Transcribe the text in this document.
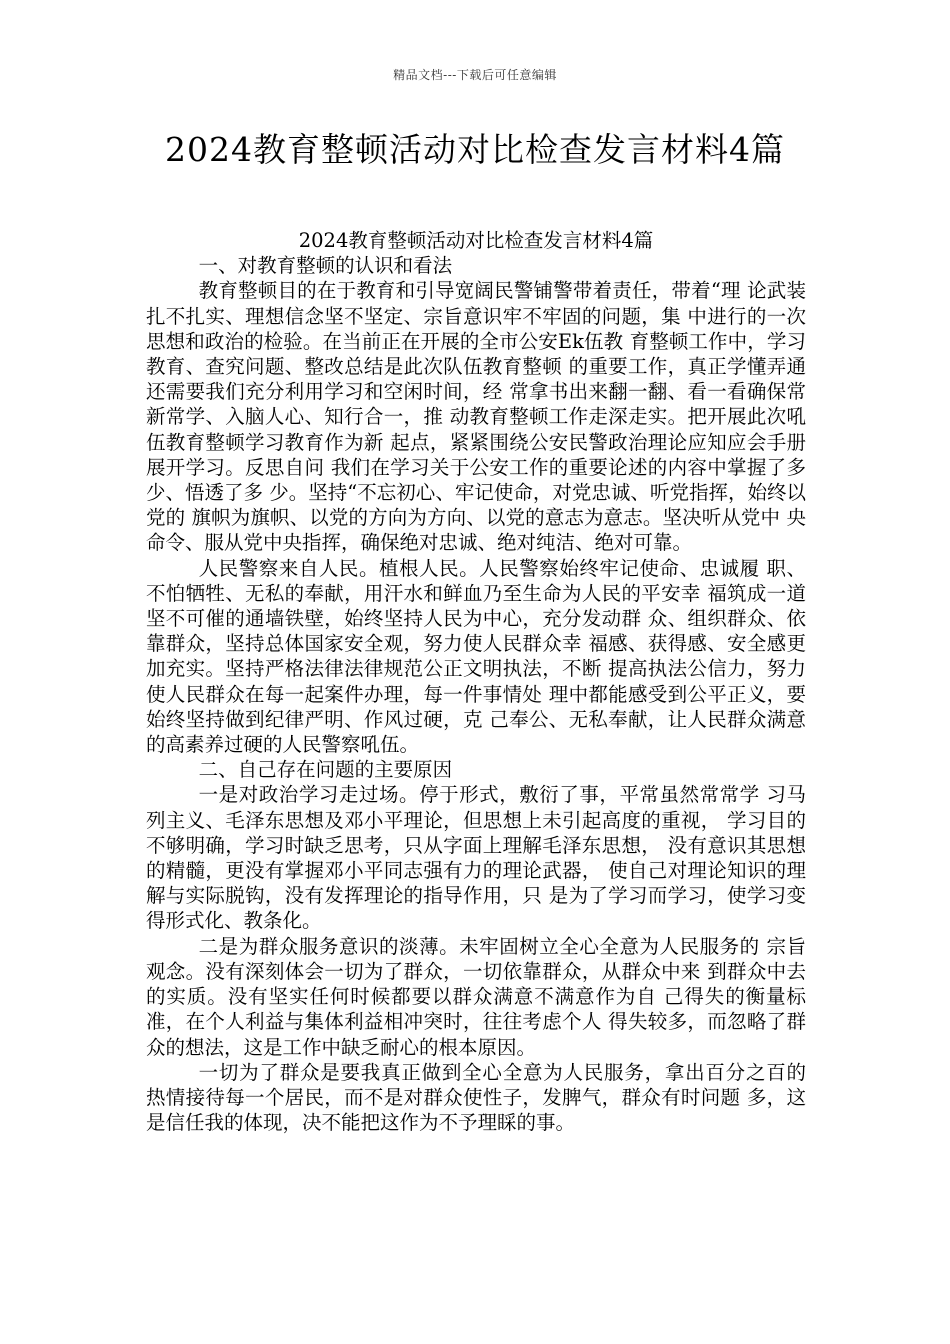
精品文档---下载后可任意编辑
2024教育整顿活动对比检查发言材料4篇

2024教育整顿活动对比检查发言材料4篇

一、对教育整顿的认识和看法

教育整顿目的在于教育和引导宽阔民警铺警带着责任，带着“理 论武装扎不扎实、理想信念坚不坚定、宗旨意识牢不牢固的问题，集 中进行的一次思想和政治的检验。在当前正在开展的全市公安Ek伍教 育整顿工作中，学习教育、查究问题、整改总结是此次队伍教育整顿 的重要工作，真正学懂弄通还需要我们充分利用学习和空闲时间，经 常拿书出来翻一翻、看一看确保常新常学、入脑人心、知行合一，推 动教育整顿工作走深走实。把开展此次吼伍教育整顿学习教育作为新 起点，紧紧围绕公安民警政治理论应知应会手册展开学习。反思自问 我们在学习关于公安工作的重要论述的内容中掌握了多少、悟透了多 少。坚持“不忘初心、牢记使命，对党忠诚、听党指挥，始终以党的 旗帜为旗帜、以党的方向为方向、以党的意志为意志。坚决听从党中 央命令、服从党中央指挥，确保绝对忠诚、绝对纯洁、绝对可靠。

人民警察来自人民。植根人民。人民警察始终牢记使命、忠诚履 职、不怕牺牲、无私的奉献，用汗水和鲜血乃至生命为人民的平安幸 福筑成一道坚不可催的通墙铁壁，始终坚持人民为中心，充分发动群 众、组织群众、依靠群众，坚持总体国家安全观，努力使人民群众幸 福感、获得感、安全感更加充实。坚持严格法律法律规范公正文明执法，不断 提高执法公信力，努力使人民群众在每一起案件办理，每一件事情处 理中都能感受到公平正义，要始终坚持做到纪律严明、作风过硬，克 己奉公、无私奉献，让人民群众满意的高素养过硬的人民警察吼伍。

二、自己存在问题的主要原因

一是对政治学习走过场。停于形式，敷衍了事，平常虽然常常学 习马列主义、毛泽东思想及邓小平理论，但思想上未引起高度的重视， 学习目的不够明确，学习时缺乏思考，只从字面上理解毛泽东思想， 没有意识其思想的精髓，更没有掌握邓小平同志强有力的理论武器， 使自己对理论知识的理解与实际脱钩，没有发挥理论的指导作用，只 是为了学习而学习，使学习变得形式化、教条化。

二是为群众服务意识的淡薄。未牢固树立全心全意为人民服务的 宗旨观念。没有深刻体会一切为了群众，一切依靠群众，从群众中来 到群众中去的实质。没有坚实任何时候都要以群众满意不满意作为自 己得失的衡量标准，在个人利益与集体利益相冲突时，往往考虑个人 得失较多，而忽略了群众的想法，这是工作中缺乏耐心的根本原因。

一切为了群众是要我真正做到全心全意为人民服务，拿出百分之百的 热情接待每一个居民，而不是对群众使性子，发脾气，群众有时问题 多，这是信任我的体现，决不能把这作为不予理睬的事。
